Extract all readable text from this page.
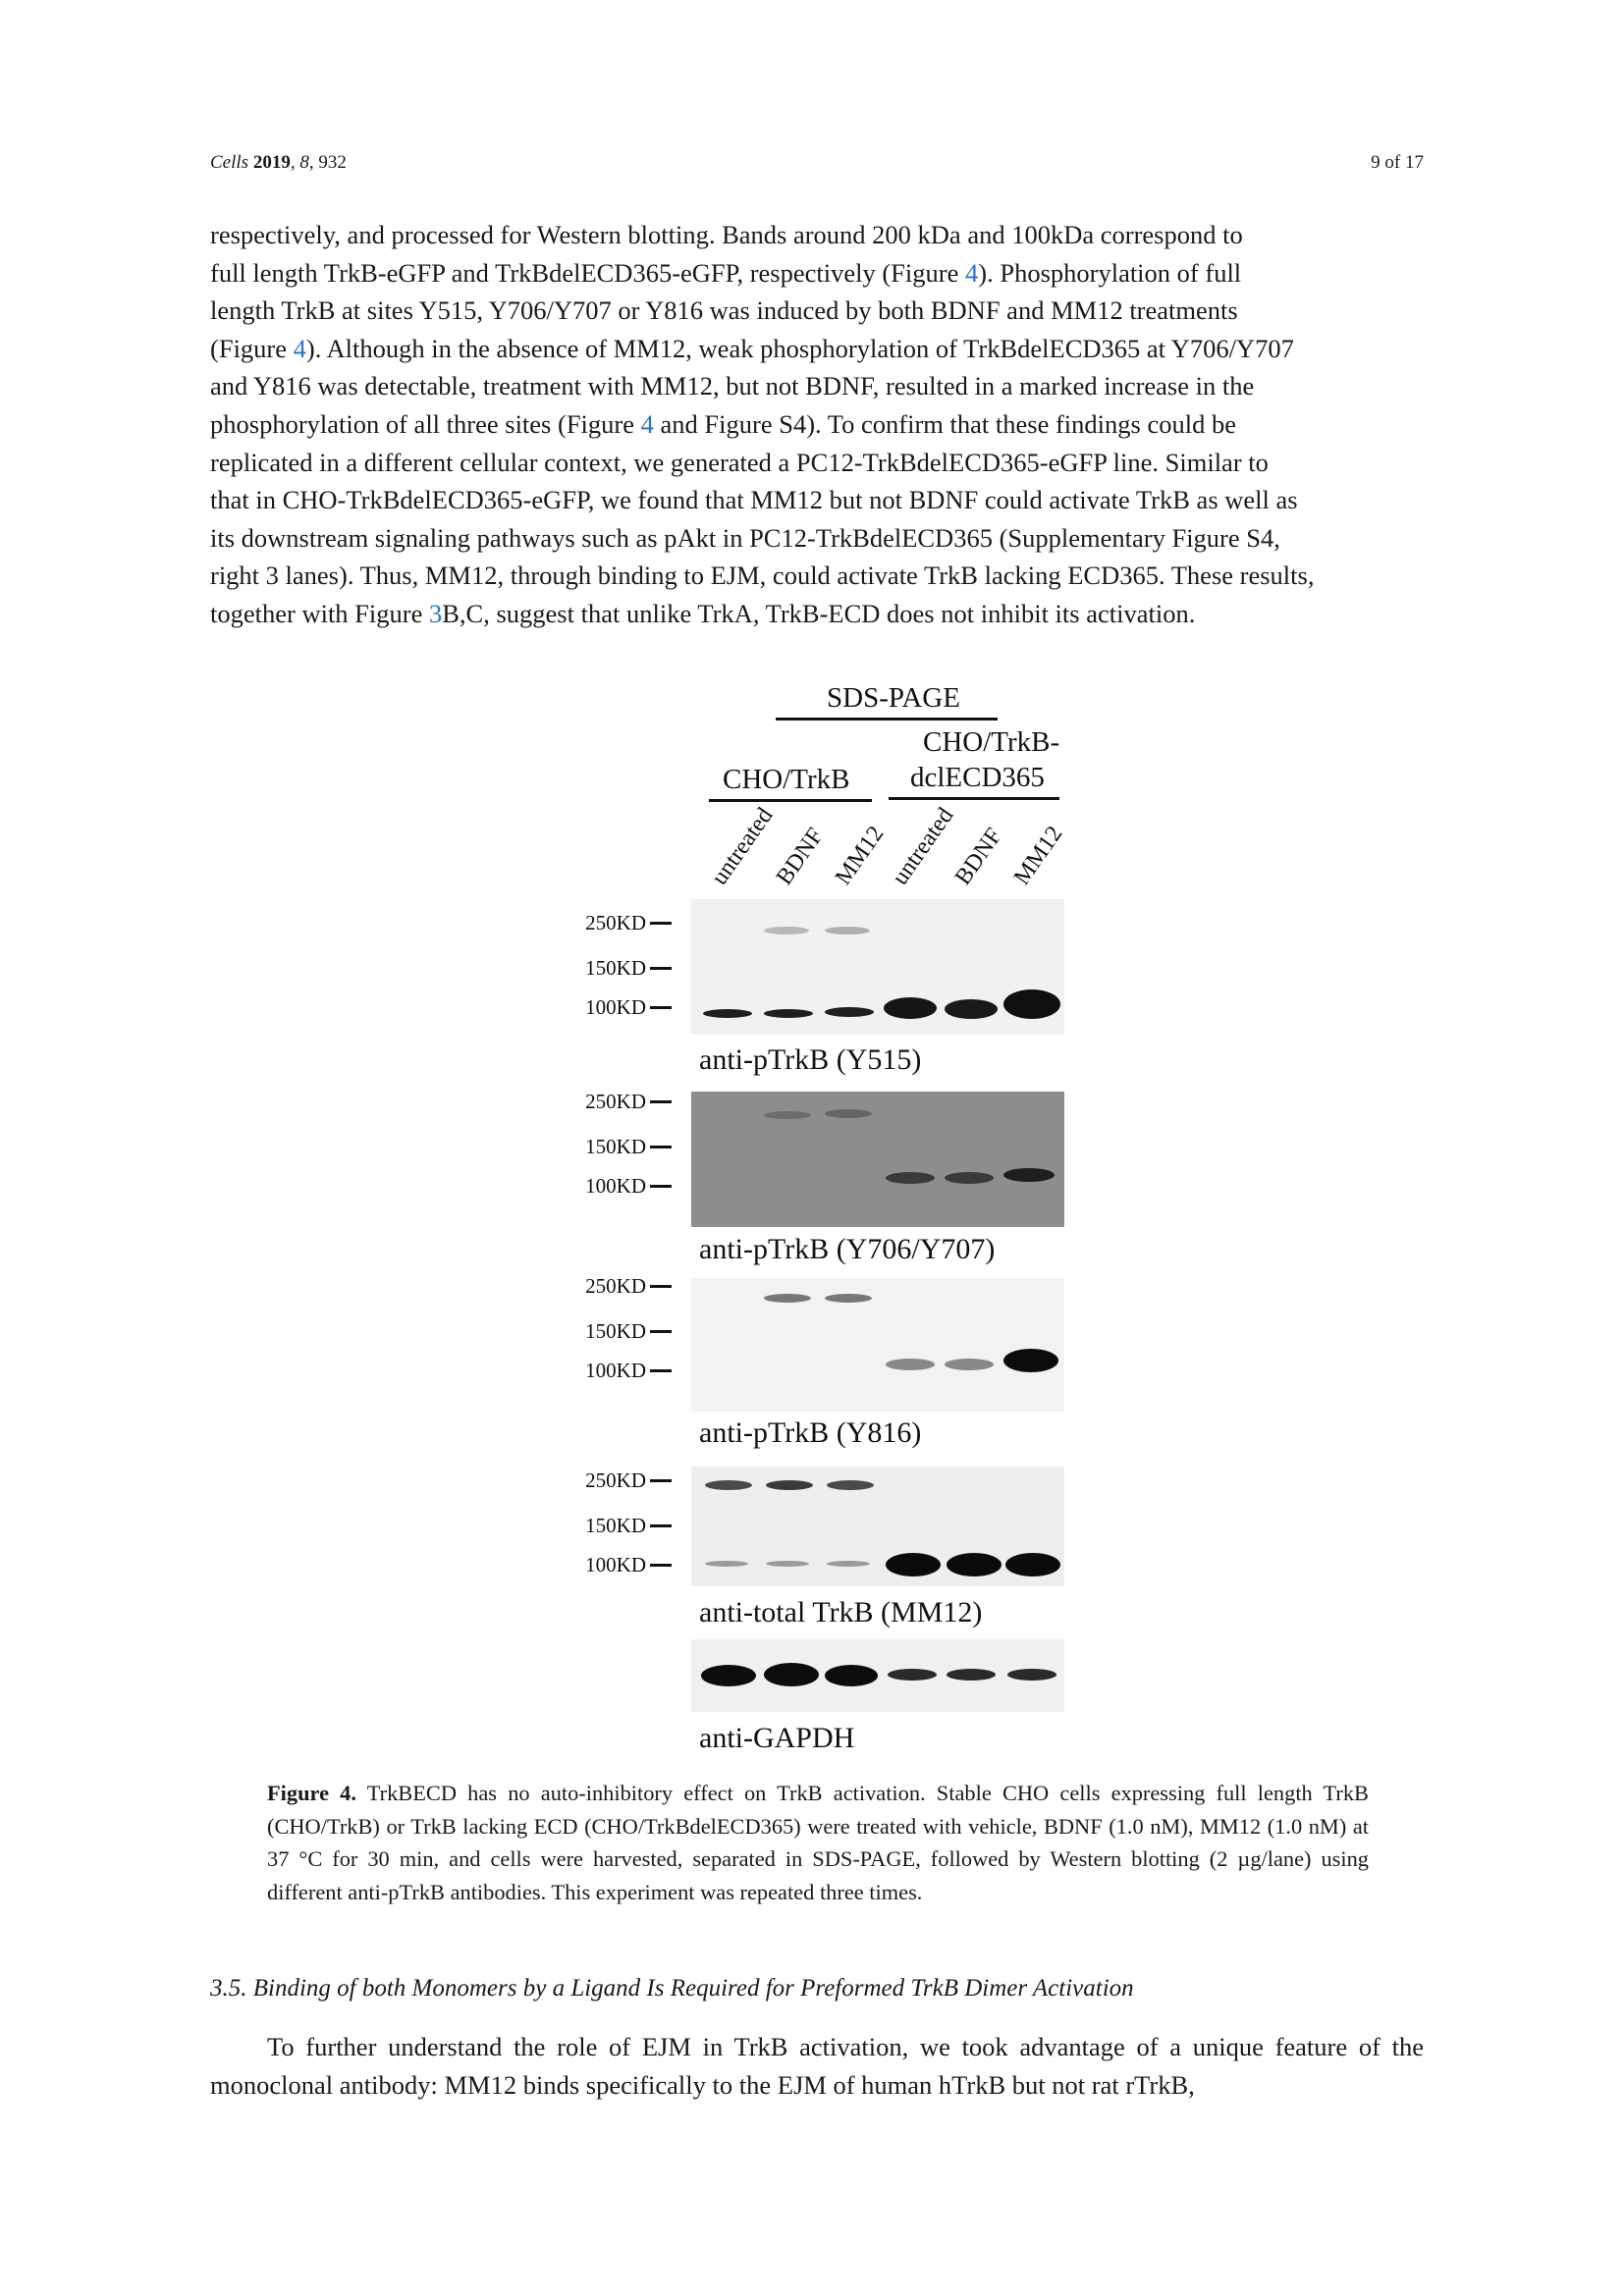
Cells 2019, 8, 932	9 of 17

respectively, and processed for Western blotting. Bands around 200 kDa and 100kDa correspond to

full length TrkB-eGFP and TrkBdelECD365-eGFP, respectively (Figure 4). Phosphorylation of full

length TrkB at sites Y515, Y706/Y707 or Y816 was induced by both BDNF and MM12 treatments

(Figure 4). Although in the absence of MM12, weak phosphorylation of TrkBdelECD365 at Y706/Y707

and Y816 was detectable, treatment with MM12, but not BDNF, resulted in a marked increase in the

phosphorylation of all three sites (Figure 4 and Figure S4). To confirm that these findings could be

replicated in a different cellular context, we generated a PC12-TrkBdelECD365-eGFP line. Similar to

that in CHO-TrkBdelECD365-eGFP, we found that MM12 but not BDNF could activate TrkB as well as

its downstream signaling pathways such as pAkt in PC12-TrkBdelECD365 (Supplementary Figure S4,

right 3 lanes). Thus, MM12, through binding to EJM, could activate TrkB lacking ECD365. These results,

together with Figure 3B,C, suggest that unlike TrkA, TrkB-ECD does not inhibit its activation.

SDS-PAGE
CHO/TrkB-
dclECD365
CHO/TrkB
untreated
BDNF MM12
untreated
BDNF MM12
250KD
150KD
100KD
anti-pTrkB (Y515)
250KD
150KD
100KD
anti-pTrkB (Y706/Y707)
250KD
150KD
100KD
anti-pTrkB (Y816)
250KD
150KD
100KD
anti-total TrkB (MM12)
anti-GAPDH
Figure 4. TrkBECD has no auto-inhibitory effect on TrkB activation. Stable CHO cells expressing full length TrkB (CHO/TrkB) or TrkB lacking ECD (CHO/TrkBdelECD365) were treated with vehicle, BDNF (1.0 nM), MM12 (1.0 nM) at 37 °C for 30 min, and cells were harvested, separated in SDS-PAGE, followed by Western blotting (2 µg/lane) using different anti-pTrkB antibodies. This experiment was repeated three times.
3.5. Binding of both Monomers by a Ligand Is Required for Preformed TrkB Dimer Activation

To further understand the role of EJM in TrkB activation, we took advantage of a unique feature of the monoclonal antibody: MM12 binds specifically to the EJM of human hTrkB but not rat rTrkB,
